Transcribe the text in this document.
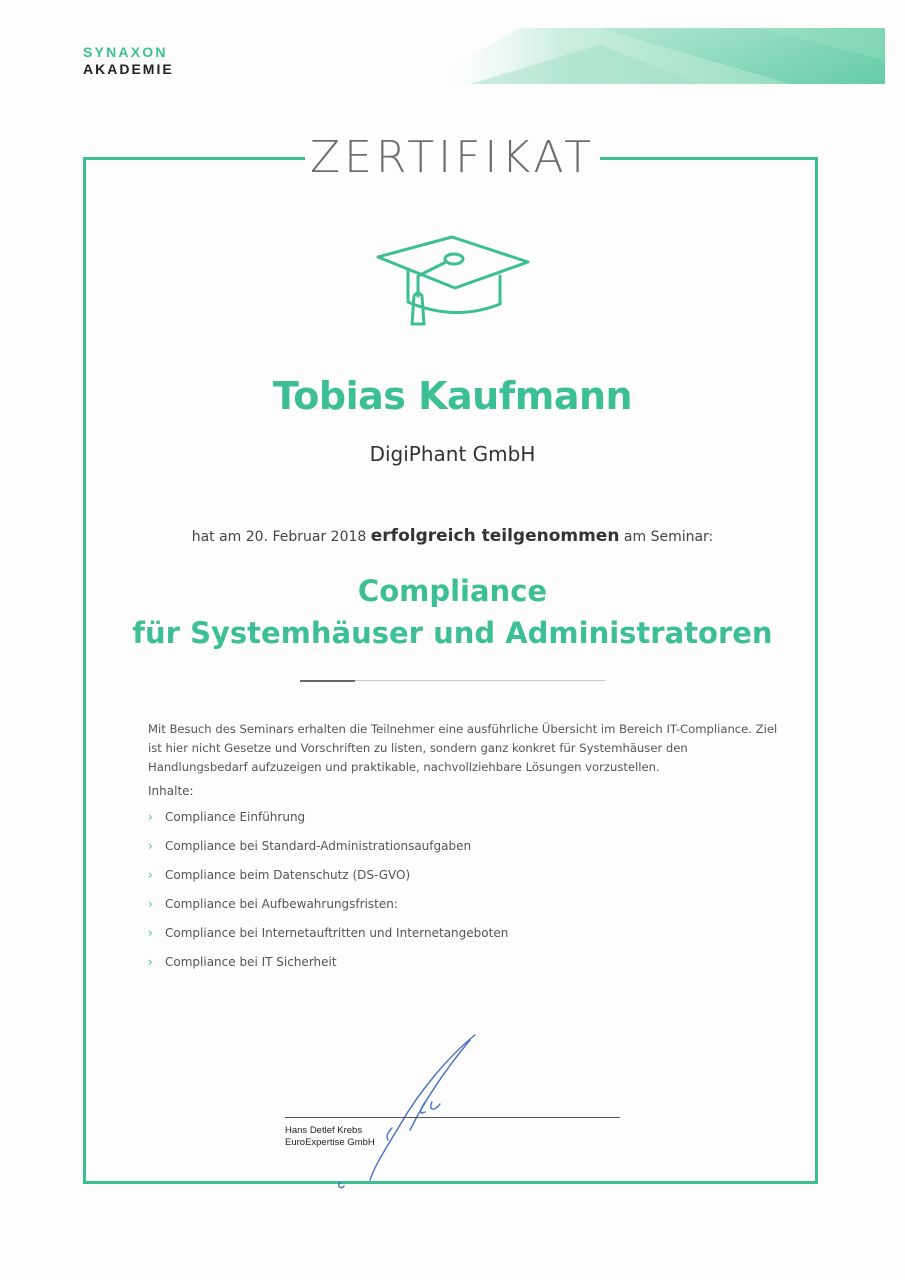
SYNAXON
AKADEMIE
ZERTIFIKAT
Tobias Kaufmann
DigiPhant GmbH
hat am 20. Februar 2018 erfolgreich teilgenommen am Seminar:
Compliance
für Systemhäuser und Administratoren
Mit Besuch des Seminars erhalten die Teilnehmer eine ausführliche Übersicht im Bereich IT-Compliance. Ziel ist hier nicht Gesetze und Vorschriften zu listen, sondern ganz konkret für Systemhäuser den Handlungsbedarf aufzuzeigen und praktikable, nachvollziehbare Lösungen vorzustellen.
Inhalte:
›	Compliance Einführung
›	Compliance bei Standard-Administrationsaufgaben
›	Compliance beim Datenschutz (DS-GVO)
›	Compliance bei Aufbewahrungsfristen:
›	Compliance bei Internetauftritten und Internetangeboten
›	Compliance bei IT Sicherheit
Hans Detlef Krebs
EuroExpertise GmbH
